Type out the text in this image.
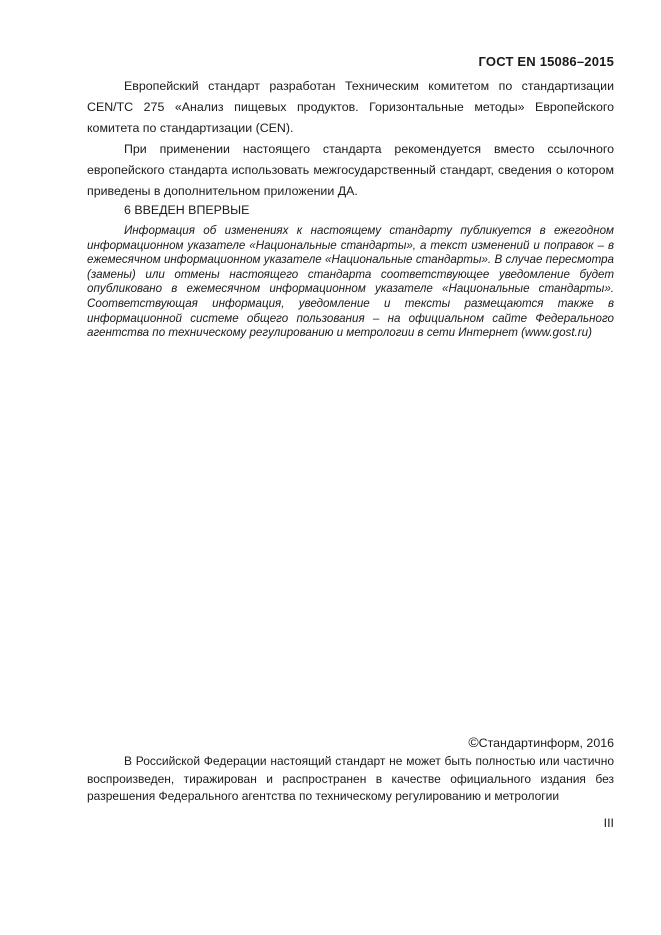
ГОСТ EN 15086–2015

Европейский стандарт разработан Техническим комитетом по стандартизации CEN/TC 275 «Анализ пищевых продуктов. Горизонтальные методы» Европейского комитета по стандартизации (CEN).

При применении настоящего стандарта рекомендуется вместо ссылочного европейского стандарта использовать межгосударственный стандарт, сведения о котором приведены в дополнительном приложении ДА.

6 ВВЕДЕН ВПЕРВЫЕ

Информация об изменениях к настоящему стандарту публикуется в ежегодном информационном указателе «Национальные стандарты», а текст изменений и поправок – в ежемесячном информационном указателе «Национальные стандарты». В случае пересмотра (замены) или отмены настоящего стандарта соответствующее уведомление будет опубликовано в ежемесячном информационном указателе «Национальные стандарты». Соответствующая информация, уведомление и тексты размещаются также в информационной системе общего пользования – на официальном сайте Федерального агентства по техническому регулированию и метрологии в сети Интернет (www.gost.ru)

©Стандартинформ, 2016

В Российской Федерации настоящий стандарт не может быть полностью или частично воспроизведен, тиражирован и распространен в качестве официального издания без разрешения Федерального агентства по техническому регулированию и метрологии

III
